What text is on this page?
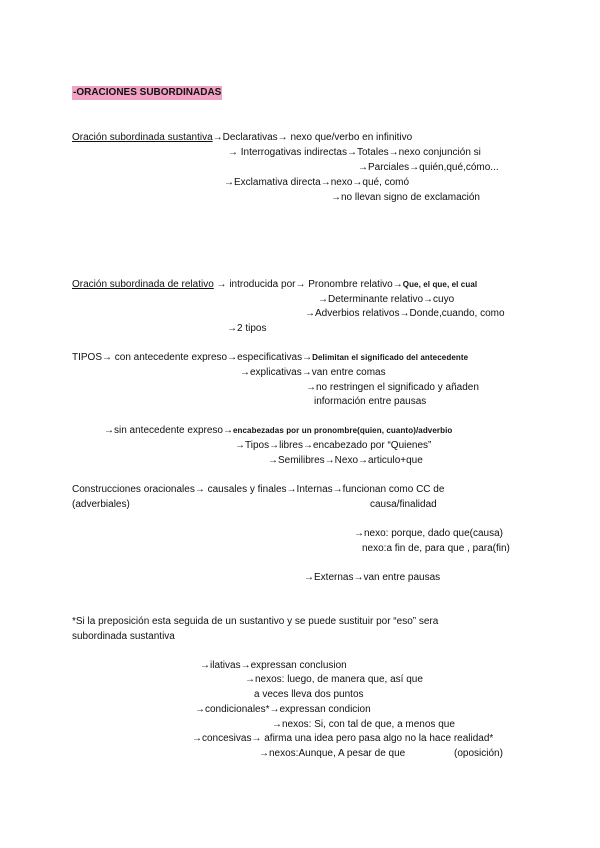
-ORACIONES SUBORDINADAS
Oración subordinada sustantiva→Declarativas→ nexo que/verbo en infinitivo
→ Interrogativas indirectas→Totales→nexo conjunción si
→Parciales→quién,qué,cómo...
→Exclamativa directa→nexo→qué, comó
→no llevan signo de exclamación
Oración subordinada de relativo → introducida por→ Pronombre relativo→Que, el que, el cual
→Determinante relativo→cuyo
→Adverbios relativos→Donde,cuando, como
→2 tipos
TIPOS→ con antecedente expreso→especificativas→Delimitan el significado del antecedente
→explicativas→van entre comas
→no restringen el significado y añaden
información entre pausas
→sin antecedente expreso→encabezadas por un pronombre(quien, cuanto)/adverbio
→Tipos→libres→encabezado por “Quienes”
→Semilibres→Nexo→articulo+que
Construcciones oracionales→ causales y finales→Internas→funcionan como CC de
(adverbiales)	causa/finalidad
→nexo: porque, dado que(causa)
nexo:a fin de, para que , para(fin)
→Externas→van entre pausas
*Si la preposición esta seguida de un sustantivo y se puede sustituir por “eso” sera
subordinada sustantiva
→ilativas→expressan conclusion
→nexos: luego, de manera que, así que
a veces lleva dos puntos
→condicionales*→expressan condicion
→nexos: Si, con tal de que, a menos que
→concesivas→ afirma una idea pero pasa algo no la hace realidad*
→nexos:Aunque, A pesar de que	(oposición)
